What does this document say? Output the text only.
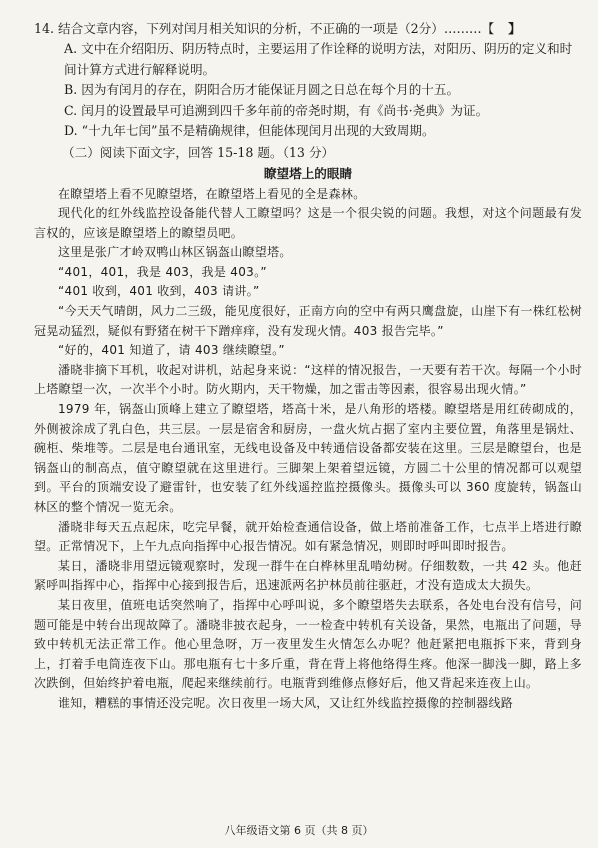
14. 结合文章内容，下列对闰月相关知识的分析，不正确的一项是（2分）………【 】
A. 文中在介绍阳历、阴历特点时，主要运用了作诠释的说明方法，对阳历、阴历的定义和时间计算方式进行解释说明。
B. 因为有闰月的存在，阴阳合历才能保证月圆之日总在每个月的十五。
C. 闰月的设置最早可追溯到四千多年前的帝尧时期，有《尚书·尧典》为证。
D. “十九年七闰”虽不是精确规律，但能体现闰月出现的大致周期。
（二）阅读下面文字，回答 15-18 题。（13 分）
瞭望塔上的眼睛

在瞭望塔上看不见瞭望塔，在瞭望塔上看见的全是森林。

现代化的红外线监控设备能代替人工瞭望吗？这是一个很尖锐的问题。我想，对这个问题最有发言权的，应该是瞭望塔上的瞭望员吧。

这里是张广才岭双鸭山林区锅盔山瞭望塔。

“401，401，我是 403，我是 403。”

“401 收到，401 收到，403 请讲。”

“今天天气晴朗，风力二三级，能见度很好，正南方向的空中有两只鹰盘旋，山崖下有一株红松树冠晃动猛烈，疑似有野猪在树干下蹭痒痒，没有发现火情。403 报告完毕。”

“好的，401 知道了，请 403 继续瞭望。”

潘晓非摘下耳机，收起对讲机，站起身来说：“这样的情况报告，一天要有若干次。每隔一个小时上塔瞭望一次，一次半个小时。防火期内，天干物燥，加之雷击等因素，很容易出现火情。”

1979 年，锅盔山顶峰上建立了瞭望塔，塔高十米，是八角形的塔楼。瞭望塔是用红砖砌成的，外侧被涂成了乳白色，共三层。一层是宿舍和厨房，一盘火炕占据了室内主要位置，角落里是锅灶、碗柜、柴堆等。二层是电台通讯室，无线电设备及中转通信设备都安装在这里。三层是瞭望台，也是锅盔山的制高点，值守瞭望就在这里进行。三脚架上架着望远镜，方圆二十公里的情况都可以观望到。平台的顶端安设了避雷针，也安装了红外线遥控监控摄像头。摄像头可以 360 度旋转，锅盔山林区的整个情况一览无余。

潘晓非每天五点起床，吃完早餐，就开始检查通信设备，做上塔前准备工作，七点半上塔进行瞭望。正常情况下，上午九点向指挥中心报告情况。如有紧急情况，则即时呼叫即时报告。

某日，潘晓非用望远镜观察时，发现一群牛在白桦林里乱啃幼树。仔细数数，一共 42 头。他赶紧呼叫指挥中心，指挥中心接到报告后，迅速派两名护林员前往驱赶，才没有造成太大损失。

某日夜里，值班电话突然响了，指挥中心呼叫说，多个瞭望塔失去联系，各处电台没有信号，问题可能是中转台出现故障了。潘晓非披衣起身，一一检查中转机有关设备，果然，电瓶出了问题，导致中转机无法正常工作。他心里急呀，万一夜里发生火情怎么办呢？他赶紧把电瓶拆下来，背到身上，打着手电筒连夜下山。那电瓶有七十多斤重，背在背上将他络得生疼。他深一脚浅一脚，路上多次跌倒，但始终护着电瓶，爬起来继续前行。电瓶背到维修点修好后，他又背起来连夜上山。

谁知，糟糕的事情还没完呢。次日夜里一场大风，又让红外线监控摄像的控制器线路

八年级语文第 6 页（共 8 页）
